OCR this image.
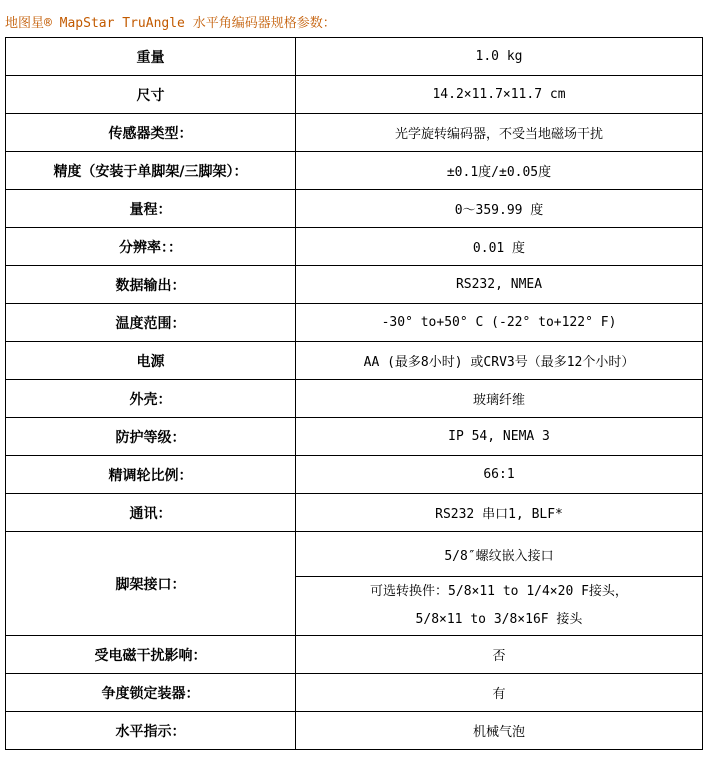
地图星® MapStar TruAngle 水平角编码器规格参数：
重量	1.0 kg
尺寸	14.2×11.7×11.7 cm
传感器类型：	光学旋转编码器，不受当地磁场干扰
精度（安装于单脚架/三脚架）：	±0.1度/±0.05度
量程：	0～359.99 度
分辨率：：	0.01 度
数据输出：	RS232, NMEA
温度范围：	-30° to+50° C (-22° to+122° F)
电源	AA (最多8小时) 或CRV3号（最多12个小时）
外壳：	玻璃纤维
防护等级：	IP 54, NEMA 3
精调轮比例：	66:1
通讯：	RS232 串口1, BLF*
脚架接口：	5/8″螺纹嵌入接口

	可选转换件：5/8×11 to 1/4×20 F接头，
5/8×11 to 3/8×16F 接头

受电磁干扰影响：	否
争度锁定装器：	有
水平指示：	机械气泡
